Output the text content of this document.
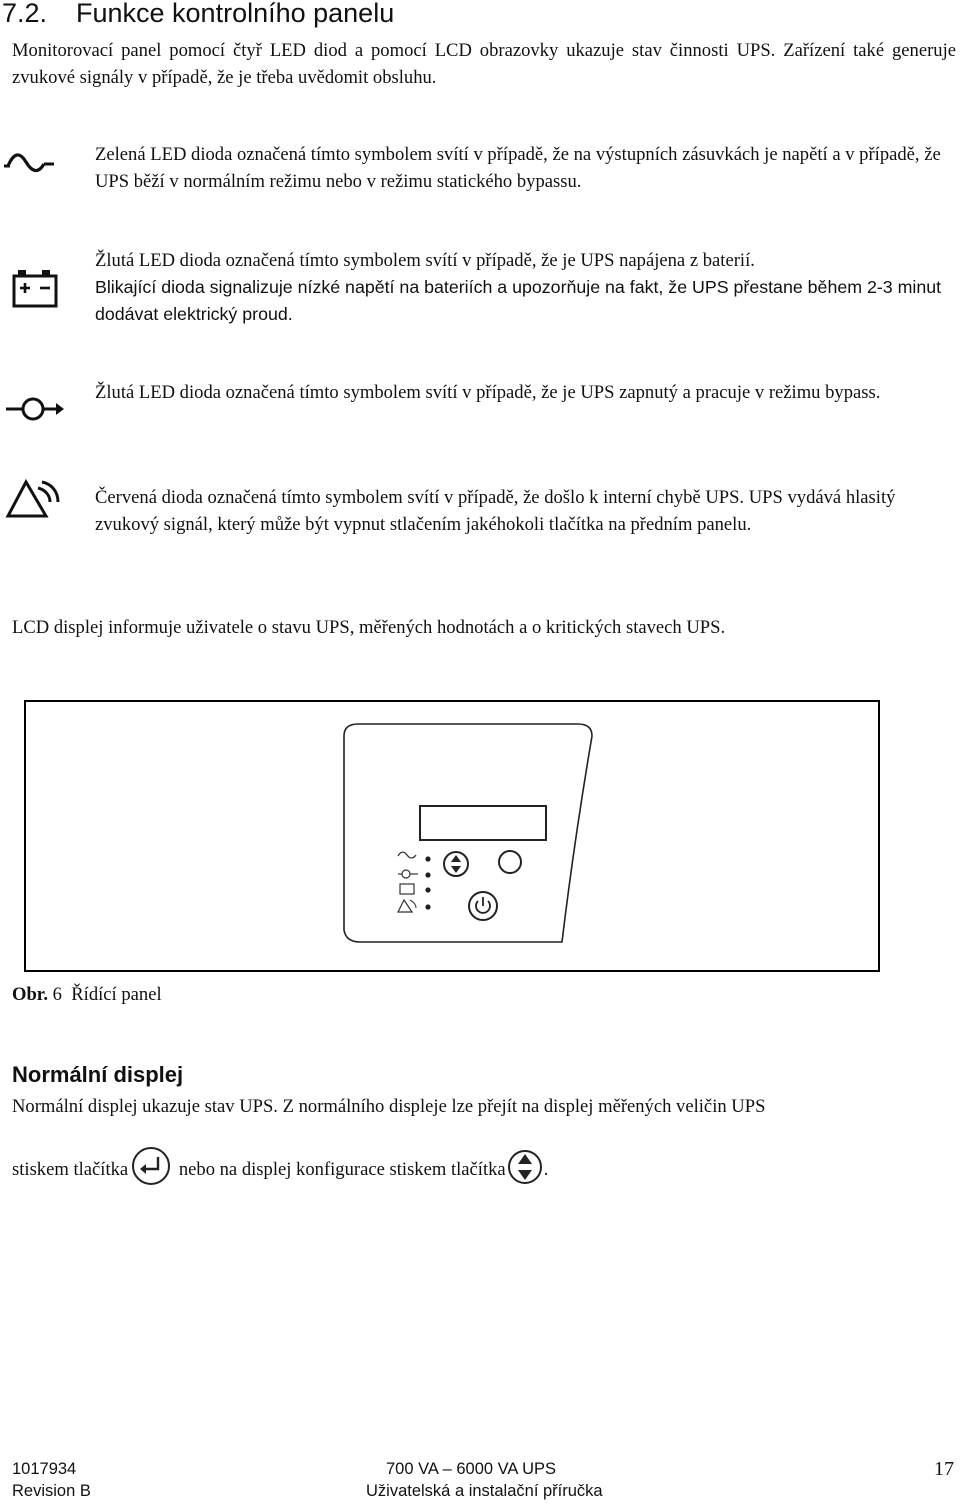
7.2. Funkce kontrolního panelu
Monitorovací panel pomocí čtyř LED diod a pomocí LCD obrazovky ukazuje stav činnosti UPS. Zařízení také generuje zvukové signály v případě, že je třeba uvědomit obsluhu.
Zelená LED dioda označená tímto symbolem svítí v případě, že na výstupních zásuvkách je napětí a v případě, že UPS běží v normálním režimu nebo v režimu statického bypassu.
Žlutá LED dioda označená tímto symbolem svítí v případě, že je UPS napájena z baterií.
Blikající dioda signalizuje nízké napětí na bateriích a upozorňuje na fakt, že UPS přestane během 2-3 minut dodávat elektrický proud.
Žlutá LED dioda označená tímto symbolem svítí v případě, že je UPS zapnutý a pracuje v režimu bypass.
Červená dioda označená tímto symbolem svítí v případě, že došlo k interní chybě UPS. UPS vydává hlasitý zvukový signál, který může být vypnut stlačením jakéhokoli tlačítka na předním panelu.
LCD displej informuje uživatele o stavu UPS, měřených hodnotách a o kritických stavech UPS.
Obr. 6 Řídící panel
Normální displej
Normální displej ukazuje stav UPS. Z normálního displeje lze přejít na displej měřených veličin UPS
stiskem tlačítka	nebo na displej konfigurace stiskem tlačítka .
1017934
Revision B
700 VA – 6000 VA UPS
Uživatelská a instalační příručka
17
